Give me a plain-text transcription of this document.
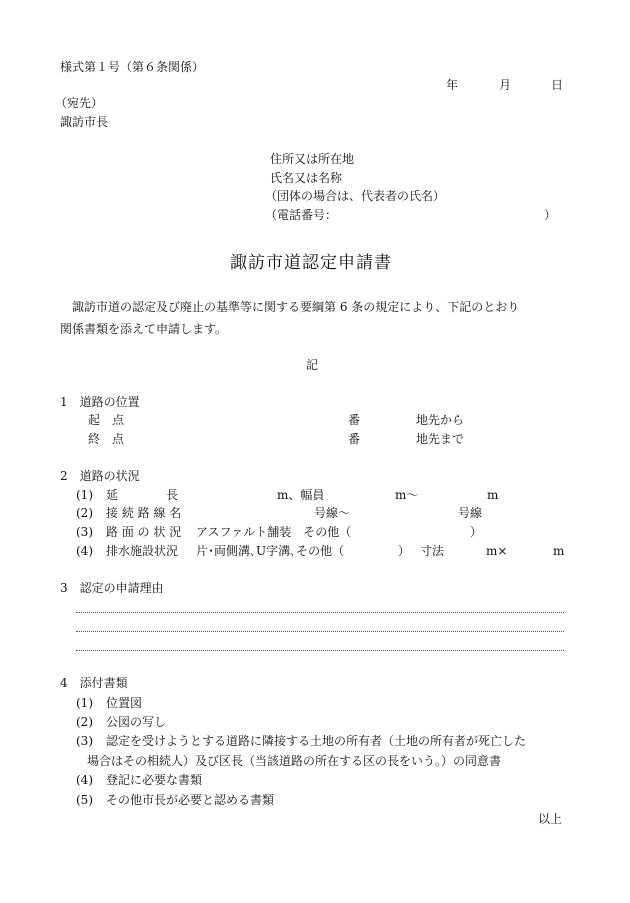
様式第１号（第６条関係）
年	月	日
（宛先）
諏訪市長
住所又は所在地
氏名又は名称
（団体の場合は、代表者の氏名）
（電話番号：	）
諏訪市道認定申請書
諏訪市道の認定及び廃止の基準等に関する要綱第 6 条の規定により、下記のとおり
関係書類を添えて申請します。
記
1　道路の位置
起　点	番	地先から
終　点	番	地先まで
2　道路の状況
(1) 延　　　　長	m、幅員	m～	m
(2) 接 続 路 線 名	号線～	号線
(3) 路 面 の 状 況 アスファルト舗装　その他（	）
(4) 排水施設状況 片･両側溝､U字溝､その他（	） 寸法	m×	m
3　認定の申請理由
4　添付書類
(1) 位置図
(2) 公図の写し
(3) 認定を受けようとする道路に隣接する土地の所有者（土地の所有者が死亡した
場合はその相続人）及び区長（当該道路の所在する区の長をいう。）の同意書
(4) 登記に必要な書類
(5) その他市長が必要と認める書類
以上
